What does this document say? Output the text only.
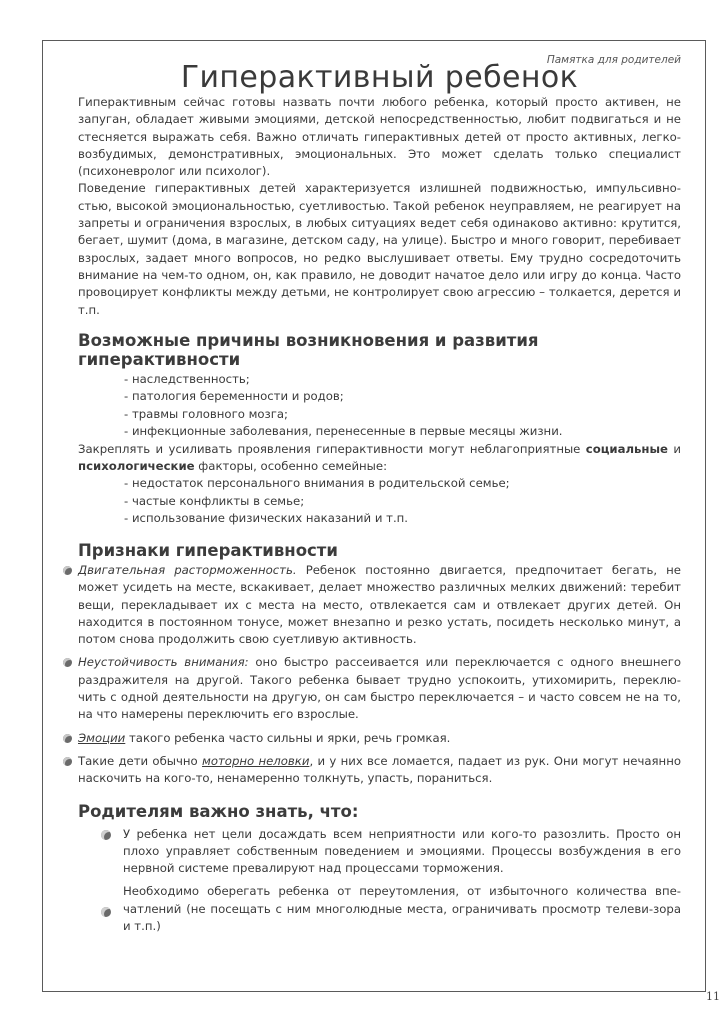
Памятка для родителей
Гиперактивный ребенок

Гиперактивным сейчас готовы назвать почти любого ребенка, который просто активен, не запуган, обладает живыми эмоциями, детской непосредственностью, любит подвигаться и не стесняется выражать себя. Важно отличать гиперактивных детей от просто активных, легко-возбудимых, демонстративных, эмоциональных. Это может сделать только специалист (психоневролог или психолог).

Поведение гиперактивных детей характеризуется излишней подвижностью, импульсивно-стью, высокой эмоциональностью, суетливостью. Такой ребенок неуправляем, не реагирует на запреты и ограничения взрослых, в любых ситуациях ведет себя одинаково активно: крутится, бегает, шумит (дома, в магазине, детском саду, на улице). Быстро и много говорит, перебивает взрослых, задает много вопросов, но редко выслушивает ответы. Ему трудно сосредоточить внимание на чем-то одном, он, как правило, не доводит начатое дело или игру до конца. Часто провоцирует конфликты между детьми, не контролирует свою агрессию – толкается, дерется и т.п.

Возможные причины возникновения и развития гиперактивности
- наследственность;
- патология беременности и родов;
- травмы головного мозга;
- инфекционные заболевания, перенесенные в первые месяцы жизни.

Закреплять и усиливать проявления гиперактивности могут неблагоприятные социальные и психологические факторы, особенно семейные:

- недостаток персонального внимания в родительской семье;
- частые конфликты в семье;
- использование физических наказаний и т.п.
Признаки гиперактивности
Двигательная расторможенность. Ребенок постоянно двигается, предпочитает бегать, не может усидеть на месте, вскакивает, делает множество различных мелких движений: теребит вещи, перекладывает их с места на место, отвлекается сам и отвлекает других детей. Он находится в постоянном тонусе, может внезапно и резко устать, посидеть несколько минут, а потом снова продолжить свою суетливую активность.
Неустойчивость внимания: оно быстро рассеивается или переключается с одного внешнего раздражителя на другой. Такого ребенка бывает трудно успокоить, утихомирить, переклю-чить с одной деятельности на другую, он сам быстро переключается – и часто совсем не на то, на что намерены переключить его взрослые.
Эмоции такого ребенка часто сильны и ярки, речь громкая.
Такие дети обычно моторно неловки, и у них все ломается, падает из рук. Они могут нечаянно наскочить на кого-то, ненамеренно толкнуть, упасть, пораниться.
Родителям важно знать, что:
У ребенка нет цели досаждать всем неприятности или кого-то разозлить. Просто он плохо управляет собственным поведением и эмоциями. Процессы возбуждения в его нервной системе превалируют над процессами торможения.
Необходимо оберегать ребенка от переутомления, от избыточного количества впе-чатлений (не посещать с ним многолюдные места, ограничивать просмотр телеви-зора и т.п.)
11
